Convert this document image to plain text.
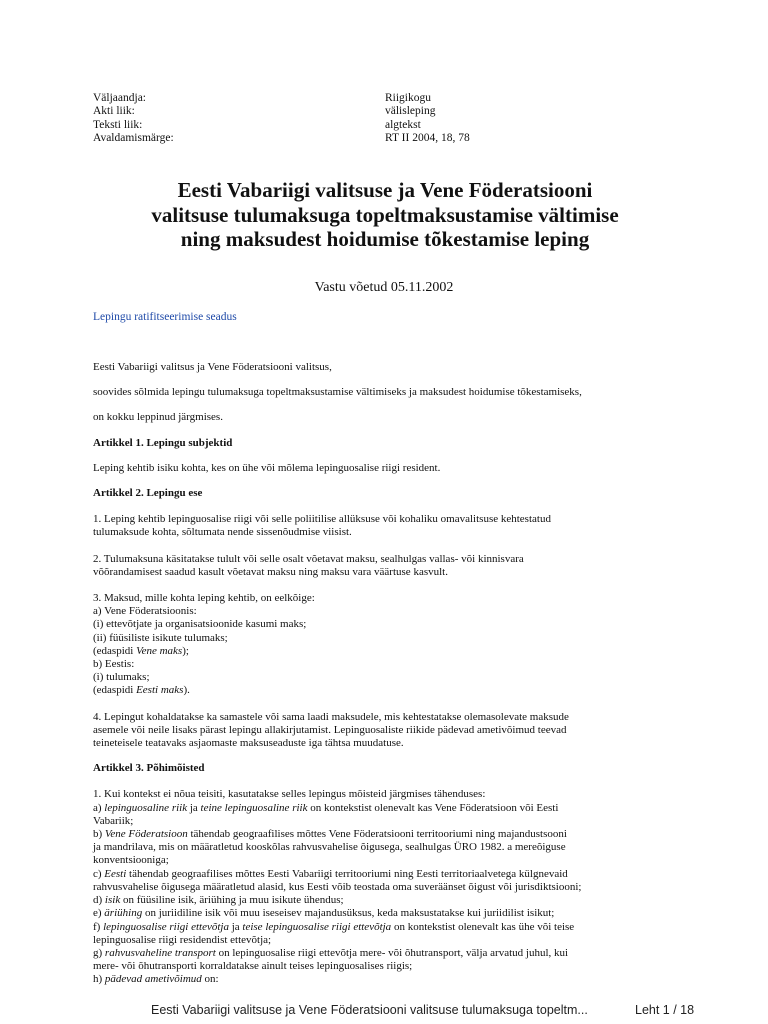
Väljaandja:	Riigikogu
Akti liik:	välisleping
Teksti liik:	algtekst
Avaldamismärge:	RT II 2004, 18, 78
Eesti Vabariigi valitsuse ja Vene Föderatsiooni
valitsuse tulumaksuga topeltmaksustamise vältimise
ning maksudest hoidumise tõkestamise leping
Vastu võetud 05.11.2002
Lepingu ratifitseerimise seadus

Eesti Vabariigi valitsus ja Vene Föderatsiooni valitsus,

soovides sõlmida lepingu tulumaksuga topeltmaksustamise vältimiseks ja maksudest hoidumise tõkestamiseks,

on kokku leppinud järgmises.

Artikkel 1. Lepingu subjektid

Leping kehtib isiku kohta, kes on ühe või mõlema lepinguosalise riigi resident.

Artikkel 2. Lepingu ese

1. Leping kehtib lepinguosalise riigi või selle poliitilise allüksuse või kohaliku omavalitsuse kehtestatud

tulumaksude kohta, sõltumata nende sissenõudmise viisist.

2. Tulumaksuna käsitatakse tulult või selle osalt võetavat maksu, sealhulgas vallas- või kinnisvara

võõrandamisest saadud kasult võetavat maksu ning maksu vara väärtuse kasvult.

3. Maksud, mille kohta leping kehtib, on eelkõige:

a) Vene Föderatsioonis:

(i) ettevõtjate ja organisatsioonide kasumi maks;

(ii) füüsiliste isikute tulumaks;

(edaspidi Vene maks);

b) Eestis:

(i) tulumaks;

(edaspidi Eesti maks).

4. Lepingut kohaldatakse ka samastele või sama laadi maksudele, mis kehtestatakse olemasolevate maksude

asemele või neile lisaks pärast lepingu allakirjutamist. Lepinguosaliste riikide pädevad ametivõimud teevad

teineteisele teatavaks asjaomaste maksuseaduste iga tähtsa muudatuse.

Artikkel 3. Põhimõisted

1. Kui kontekst ei nõua teisiti, kasutatakse selles lepingus mõisteid järgmises tähenduses:

a) lepinguosaline riik ja teine lepinguosaline riik on kontekstist olenevalt kas Vene Föderatsioon või Eesti

Vabariik;

b) Vene Föderatsioon tähendab geograafilises mõttes Vene Föderatsiooni territooriumi ning majandustsooni

ja mandrilava, mis on määratletud kooskõlas rahvusvahelise õigusega, sealhulgas ÜRO 1982. a mereõiguse

konventsiooniga;

c) Eesti tähendab geograafilises mõttes Eesti Vabariigi territooriumi ning Eesti territoriaalvetega külgnevaid

rahvusvahelise õigusega määratletud alasid, kus Eesti võib teostada oma suveräänset õigust või jurisdiktsiooni;

d) isik on füüsiline isik, äriühing ja muu isikute ühendus;

e) äriühing on juriidiline isik või muu iseseisev majandusüksus, keda maksustatakse kui juriidilist isikut;

f) lepinguosalise riigi ettevõtja ja teise lepinguosalise riigi ettevõtja on kontekstist olenevalt kas ühe või teise

lepinguosalise riigi residendist ettevõtja;

g) rahvusvaheline transport on lepinguosalise riigi ettevõtja mere- või õhutransport, välja arvatud juhul, kui

mere- või õhutransporti korraldatakse ainult teises lepinguosalises riigis;

h) pädevad ametivõimud on:

Eesti Vabariigi valitsuse ja Vene Föderatsiooni valitsuse tulumaksuga topeltm...	Leht 1 / 18
